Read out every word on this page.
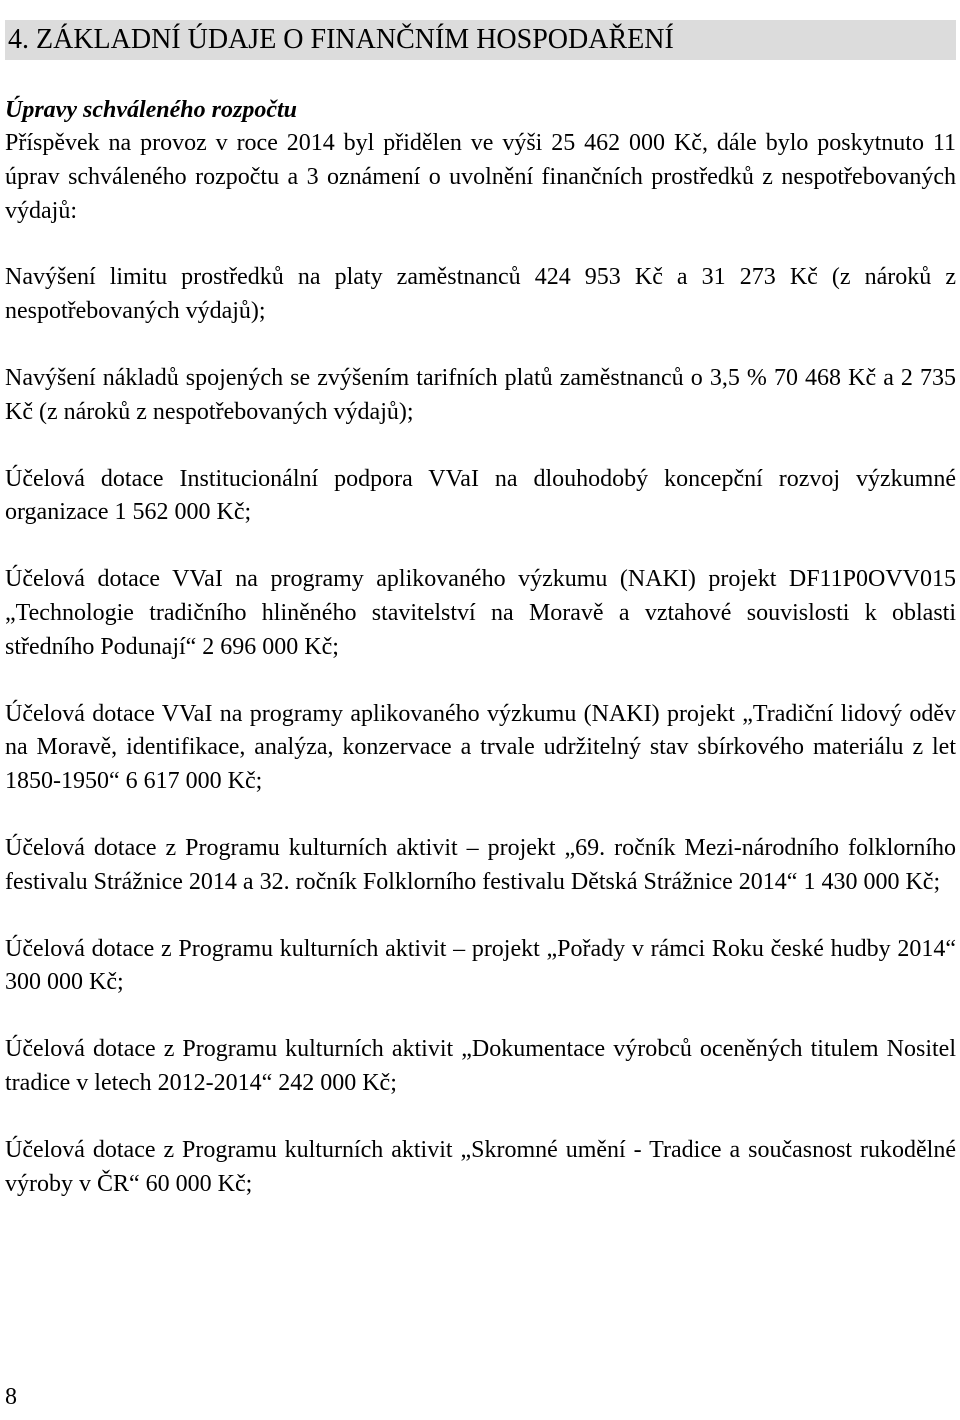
4. ZÁKLADNÍ ÚDAJE O FINANČNÍM HOSPODAŘENÍ
Úpravy schváleného rozpočtu

Příspěvek na provoz v roce 2014 byl přidělen ve výši 25 462 000 Kč, dále bylo poskytnuto 11 úprav schváleného rozpočtu a 3 oznámení o uvolnění finančních prostředků z nespotřebovaných výdajů:

Navýšení limitu prostředků na platy zaměstnanců 424 953 Kč a 31 273 Kč (z nároků z nespotřebovaných výdajů);

Navýšení nákladů spojených se zvýšením tarifních platů zaměstnanců o 3,5 % 70 468 Kč a 2 735 Kč (z nároků z nespotřebovaných výdajů);

Účelová dotace Institucionální podpora VVaI na dlouhodobý koncepční rozvoj výzkumné organizace 1 562 000 Kč;

Účelová dotace VVaI na programy aplikovaného výzkumu (NAKI) projekt DF11P0OVV015 „Technologie tradičního hliněného stavitelství na Moravě a vztahové souvislosti k oblasti středního Podunají“ 2 696 000 Kč;

Účelová dotace VVaI na programy aplikovaného výzkumu (NAKI) projekt „Tradiční lidový oděv na Moravě, identifikace, analýza, konzervace a trvale udržitelný stav sbírkového materiálu z let 1850-1950“ 6 617 000 Kč;

Účelová dotace z Programu kulturních aktivit – projekt „69. ročník Mezi-národního folklorního festivalu Strážnice 2014 a 32. ročník Folklorního festivalu Dětská Strážnice 2014“ 1 430 000 Kč;

Účelová dotace z Programu kulturních aktivit – projekt „Pořady v rámci Roku české hudby 2014“ 300 000 Kč;

Účelová dotace z Programu kulturních aktivit „Dokumentace výrobců oceněných titulem Nositel tradice v letech 2012-2014“ 242 000 Kč;

Účelová dotace z Programu kulturních aktivit „Skromné umění - Tradice a současnost rukodělné výroby v ČR“ 60 000 Kč;

8
